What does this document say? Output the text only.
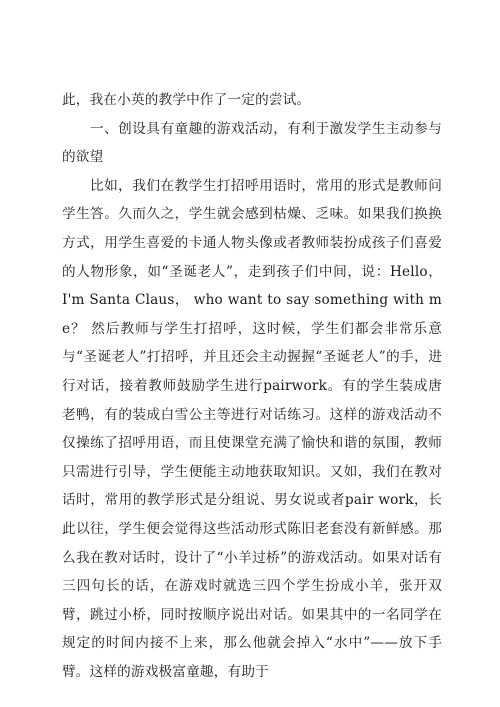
此，我在小英的教学中作了一定的尝试。

一、创设具有童趣的游戏活动，有利于激发学生主动参与的欲望

比如，我们在教学生打招呼用语时，常用的形式是教师问学生答。久而久之，学生就会感到枯燥、乏味。如果我们换换方式，用学生喜爱的卡通人物头像或者教师装扮成孩子们喜爱的人物形象，如“圣诞老人”，走到孩子们中间，说：Hello， I'm Santa Claus， who want to say something with me？ 然后教师与学生打招呼，这时候，学生们都会非常乐意与“圣诞老人”打招呼，并且还会主动握握“圣诞老人”的手，进行对话，接着教师鼓励学生进行pairwork。有的学生装成唐老鸭，有的装成白雪公主等进行对话练习。这样的游戏活动不仅操练了招呼用语，而且使课堂充满了愉快和谐的氛围，教师只需进行引导，学生便能主动地获取知识。又如，我们在教对话时，常用的教学形式是分组说、男女说或者pair work，长此以往，学生便会觉得这些活动形式陈旧老套没有新鲜感。那么我在教对话时，设计了“小羊过桥”的游戏活动。如果对话有三四句长的话，在游戏时就选三四个学生扮成小羊，张开双臂，跳过小桥，同时按顺序说出对话。如果其中的一名同学在规定的时间内接不上来，那么他就会掉入“水中”——放下手臂。这样的游戏极富童趣，有助于
